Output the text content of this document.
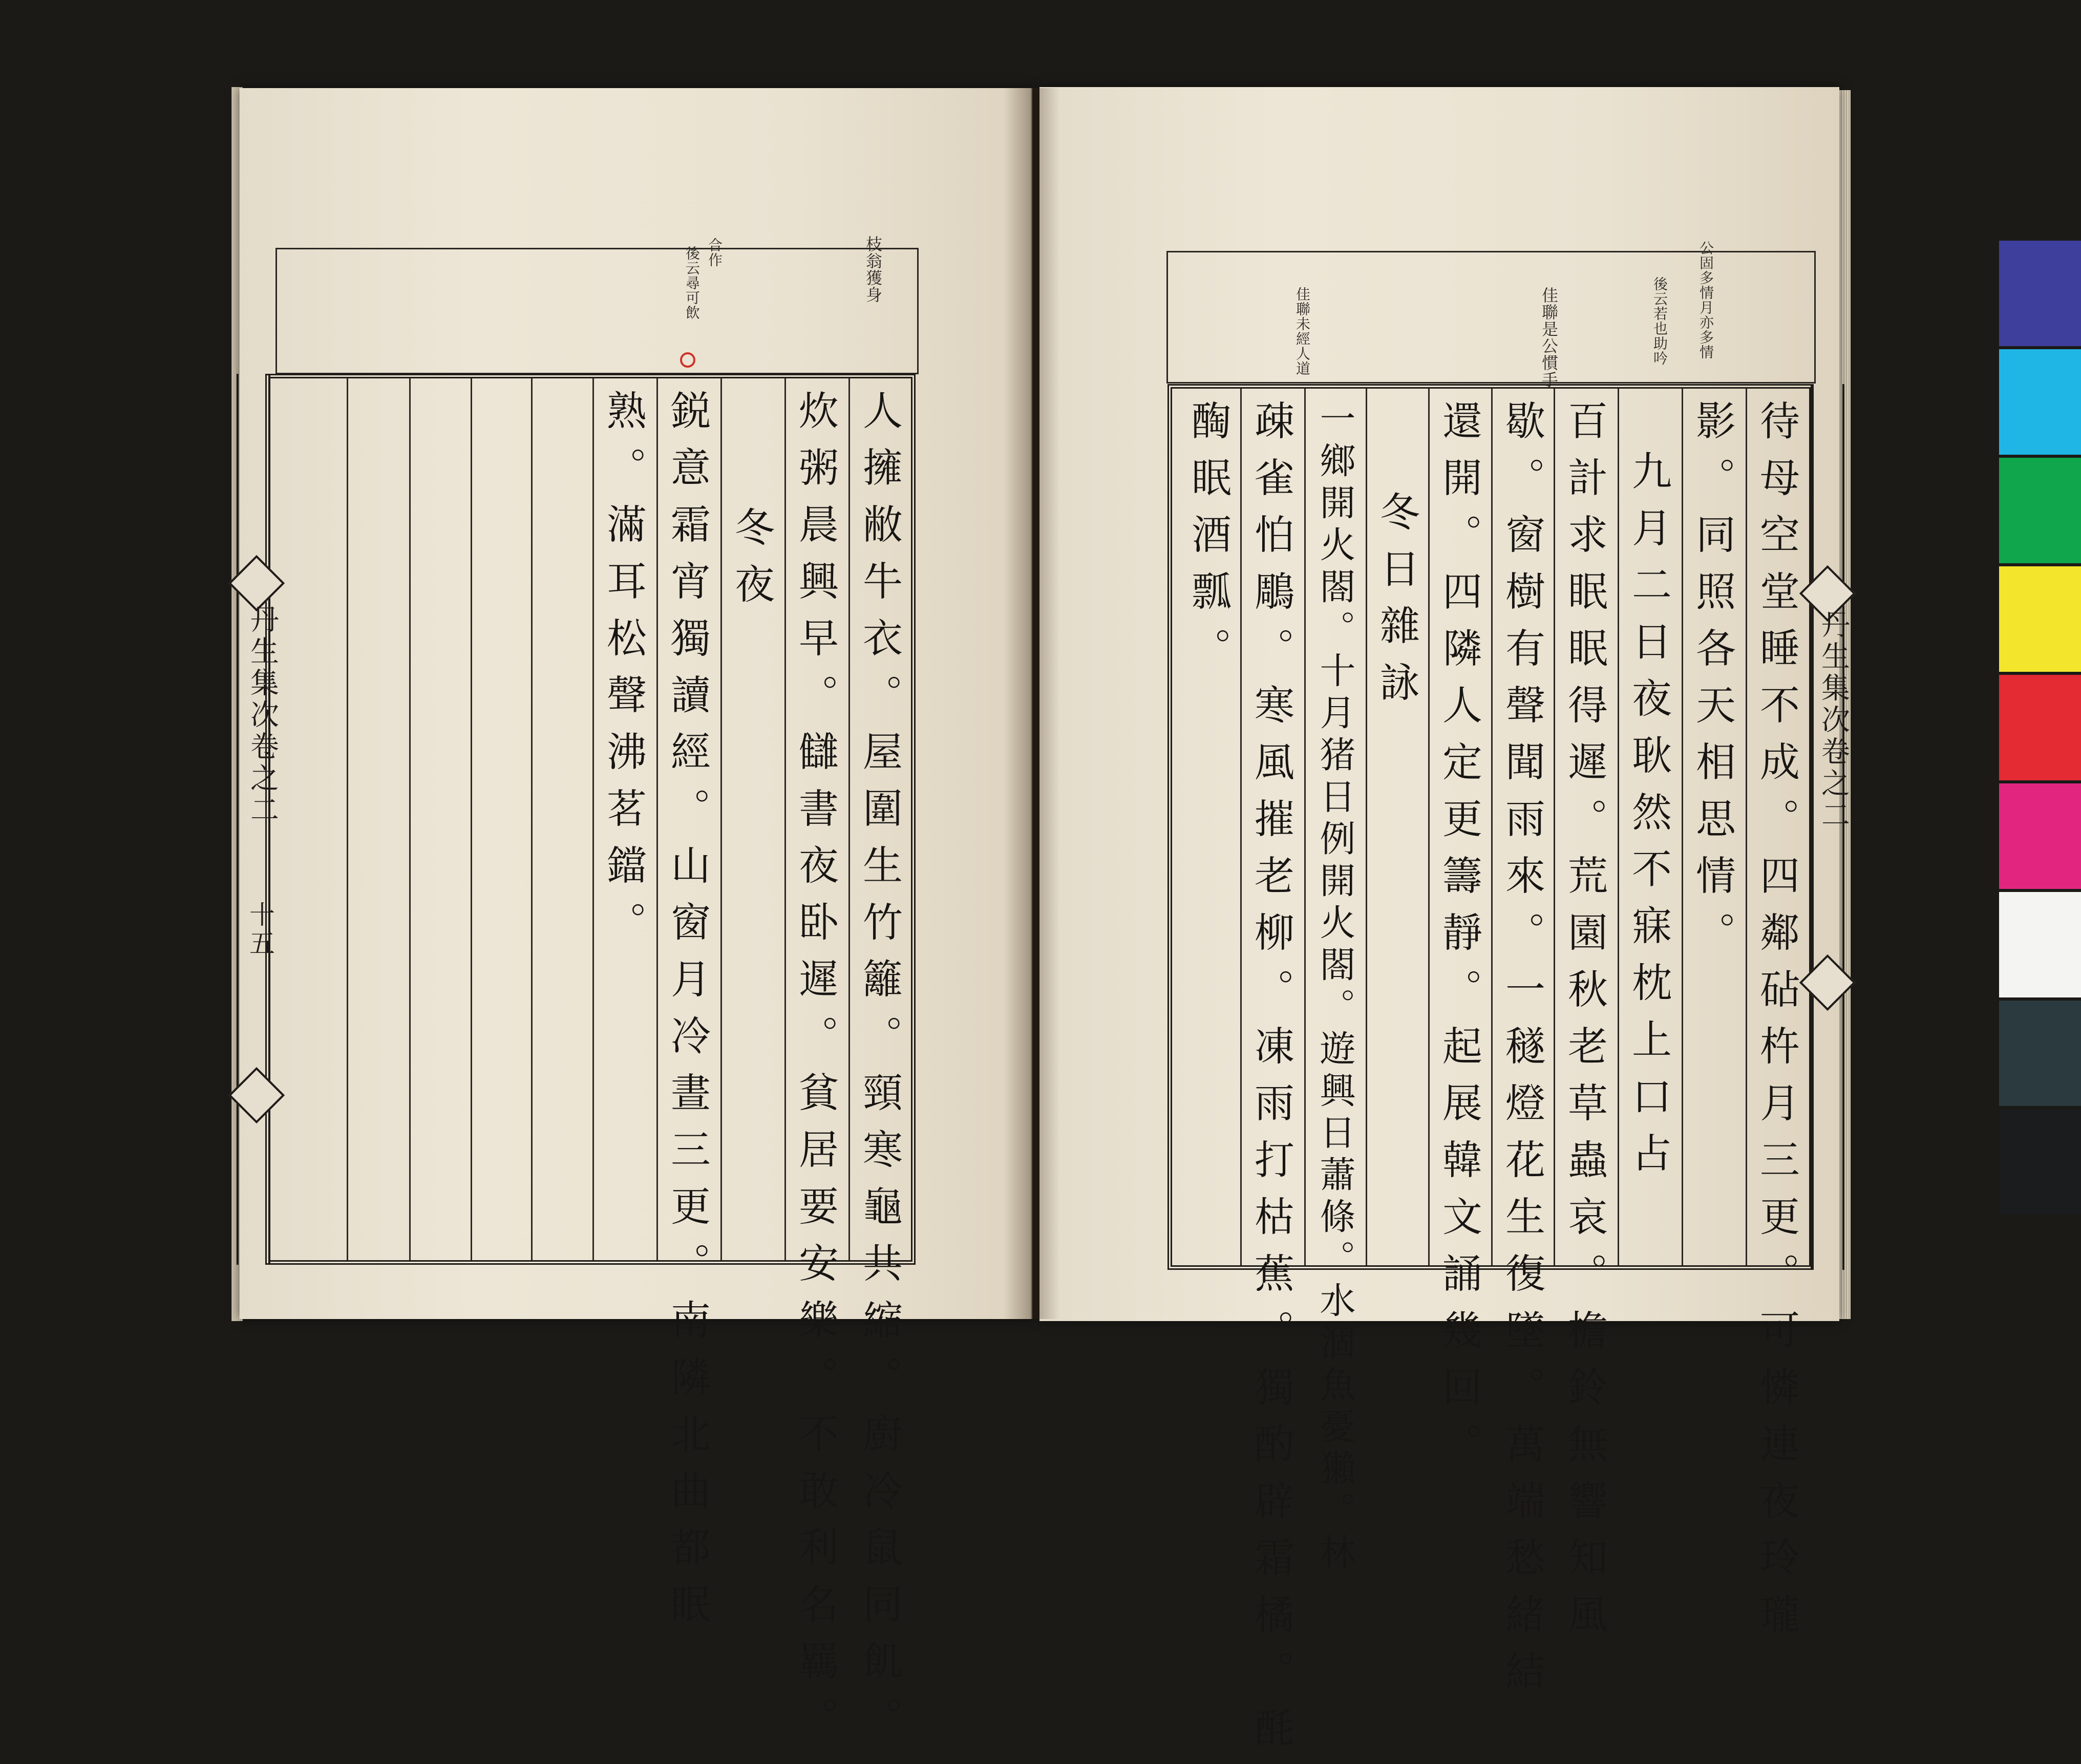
枝翁獲身
合作
後云尋可飲	公固多情月亦多情
後云若也助吟
佳聯是公慣手
佳聯未經人道
人擁敝牛衣。屋圍生竹籬。頸寒龜共縮。廚冷鼠同飢。
炊粥晨興早。讎書夜卧遲。貧居要安樂。不敢利名羈。
冬夜
鋭意霜宵獨讀經。山窗月冷晝三更。南隣北曲都眠
熟。滿耳松聲沸茗鐺。
丹生集次卷之二
十五	待母空堂睡不成。四鄰砧杵月三更。可憐連夜玲瓏
影。同照各天相思情。
九月二日夜耿然不寐枕上口占
百計求眠眠得遲。荒園秋老草蟲哀。檐鈴無響知風
歇。窗樹有聲聞雨來。一穟燈花生復墜。萬端愁緒結
還開。四隣人定更籌靜。起展韓文誦幾回。
冬日雜詠
一鄉開火閤。十月猪日例開火閤。遊興日蕭條。水涸魚憂獺。林
疎雀怕鵰。寒風摧老柳。凍雨打枯蕉。獨酌辟霜橘。酕
醄眠酒瓢。
丹生集次卷之二
